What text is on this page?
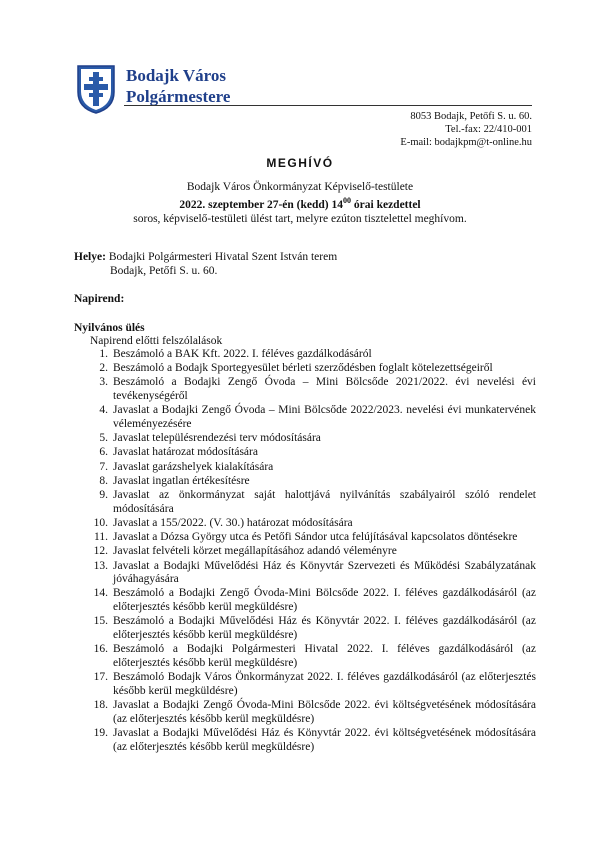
Bodajk Város
Polgármestere
8053 Bodajk, Petőfi S. u. 60.
Tel.-fax: 22/410-001
E-mail: bodajkpm@t-online.hu
MEGHÍVÓ
Bodajk Város Önkormányzat Képviselő-testülete
2022. szeptember 27-én (kedd) $14^{00}$ órai kezdettel
soros, képviselő-testületi ülést tart, melyre ezúton tisztelettel meghívom.
Helye: Bodajki Polgármesteri Hivatal Szent István terem
Bodajk, Petőfi S. u. 60.
Napirend:
Nyilvános ülés
Napirend előtti felszólalások
1. Beszámoló a BAK Kft. 2022. I. féléves gazdálkodásáról
2. Beszámoló a Bodajk Sportegyesület bérleti szerződésben foglalt kötelezettségeiről
3. Beszámoló a Bodajki Zengő Óvoda – Mini Bölcsőde 2021/2022. évi nevelési évi tevékenységéről
4. Javaslat a Bodajki Zengő Óvoda – Mini Bölcsőde 2022/2023. nevelési évi munkatervének véleményezésére
5. Javaslat településrendezési terv módosítására
6. Javaslat határozat módosítására
7. Javaslat garázshelyek kialakítására
8. Javaslat ingatlan értékesítésre
9. Javaslat az önkormányzat saját halottjává nyilvánítás szabályairól szóló rendelet módosítására
10. Javaslat a 155/2022. (V. 30.) határozat módosítására
11. Javaslat a Dózsa György utca és Petőfi Sándor utca felújításával kapcsolatos döntésekre
12. Javaslat felvételi körzet megállapításához adandó véleményre
13. Javaslat a Bodajki Művelődési Ház és Könyvtár Szervezeti és Működési Szabályzatának jóváhagyására
14. Beszámoló a Bodajki Zengő Óvoda-Mini Bölcsőde 2022. I. féléves gazdálkodásáról (az előterjesztés később kerül megküldésre)
15. Beszámoló a Bodajki Művelődési Ház és Könyvtár 2022. I. féléves gazdálkodásáról (az előterjesztés később kerül megküldésre)
16. Beszámoló a Bodajki Polgármesteri Hivatal 2022. I. féléves gazdálkodásáról (az előterjesztés később kerül megküldésre)
17. Beszámoló Bodajk Város Önkormányzat 2022. I. féléves gazdálkodásáról (az előterjesztés később kerül megküldésre)
18. Javaslat a Bodajki Zengő Óvoda-Mini Bölcsőde 2022. évi költségvetésének módosítására (az előterjesztés később kerül megküldésre)
19. Javaslat a Bodajki Művelődési Ház és Könyvtár 2022. évi költségvetésének módosítására (az előterjesztés később kerül megküldésre)
